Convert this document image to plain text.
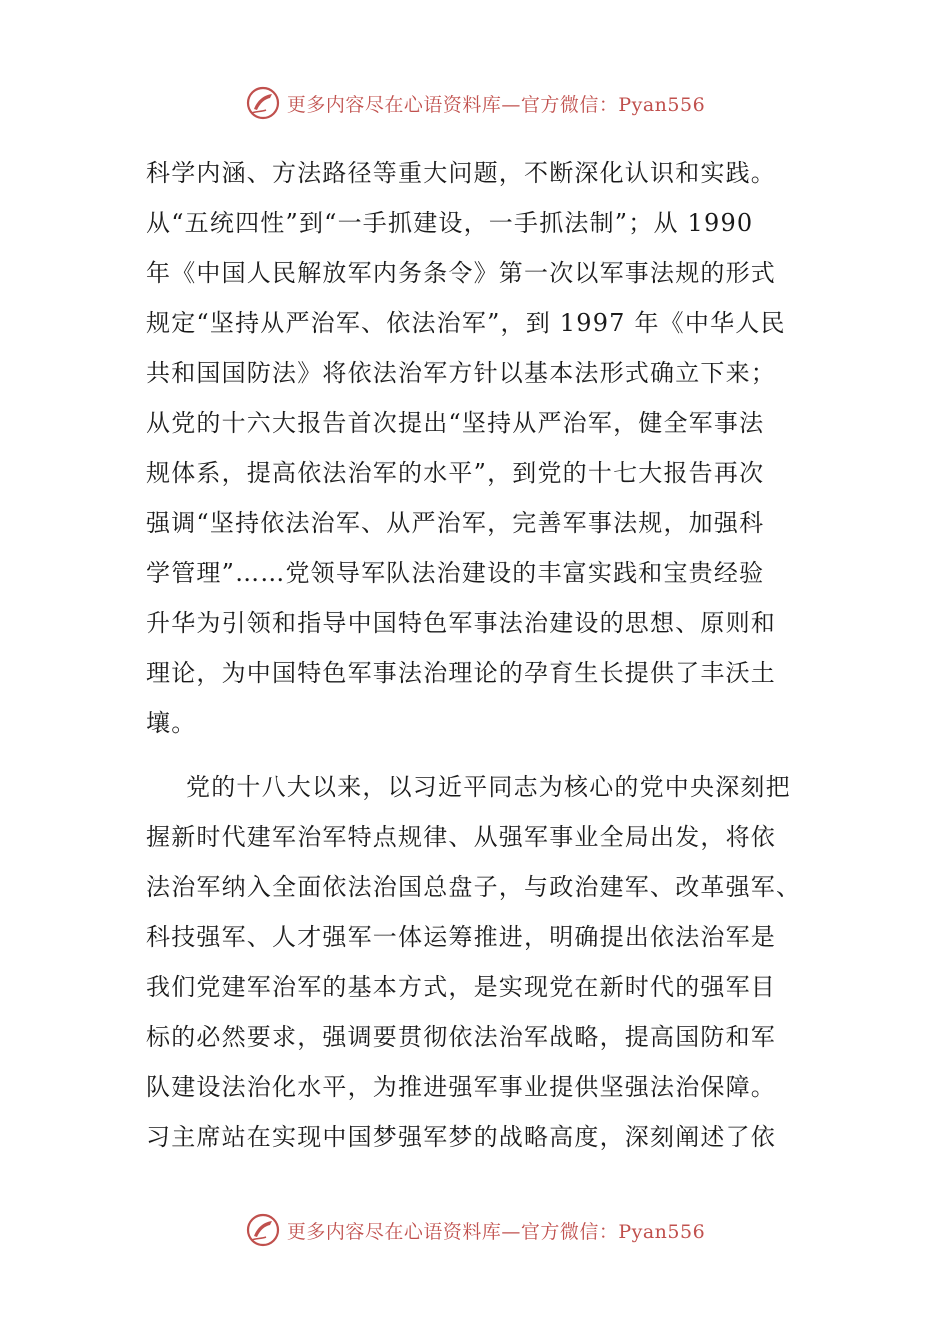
更多内容尽在心语资料库—官方微信：Pyan556
科学内涵、方法路径等重大问题，不断深化认识和实践。
从“五统四性”到“一手抓建设，一手抓法制”；从 1990
年《中国人民解放军内务条令》第一次以军事法规的形式
规定“坚持从严治军、依法治军”，到 1997 年《中华人民
共和国国防法》将依法治军方针以基本法形式确立下来；
从党的十六大报告首次提出“坚持从严治军，健全军事法
规体系，提高依法治军的水平”，到党的十七大报告再次
强调“坚持依法治军、从严治军，完善军事法规，加强科
学管理”……党领导军队法治建设的丰富实践和宝贵经验
升华为引领和指导中国特色军事法治建设的思想、原则和
理论，为中国特色军事法治理论的孕育生长提供了丰沃土
壤。
党的十八大以来，以习近平同志为核心的党中央深刻把
握新时代建军治军特点规律、从强军事业全局出发，将依
法治军纳入全面依法治国总盘子，与政治建军、改革强军、
科技强军、人才强军一体运筹推进，明确提出依法治军是
我们党建军治军的基本方式，是实现党在新时代的强军目
标的必然要求，强调要贯彻依法治军战略，提高国防和军
队建设法治化水平，为推进强军事业提供坚强法治保障。
习主席站在实现中国梦强军梦的战略高度，深刻阐述了依
更多内容尽在心语资料库—官方微信：Pyan556
